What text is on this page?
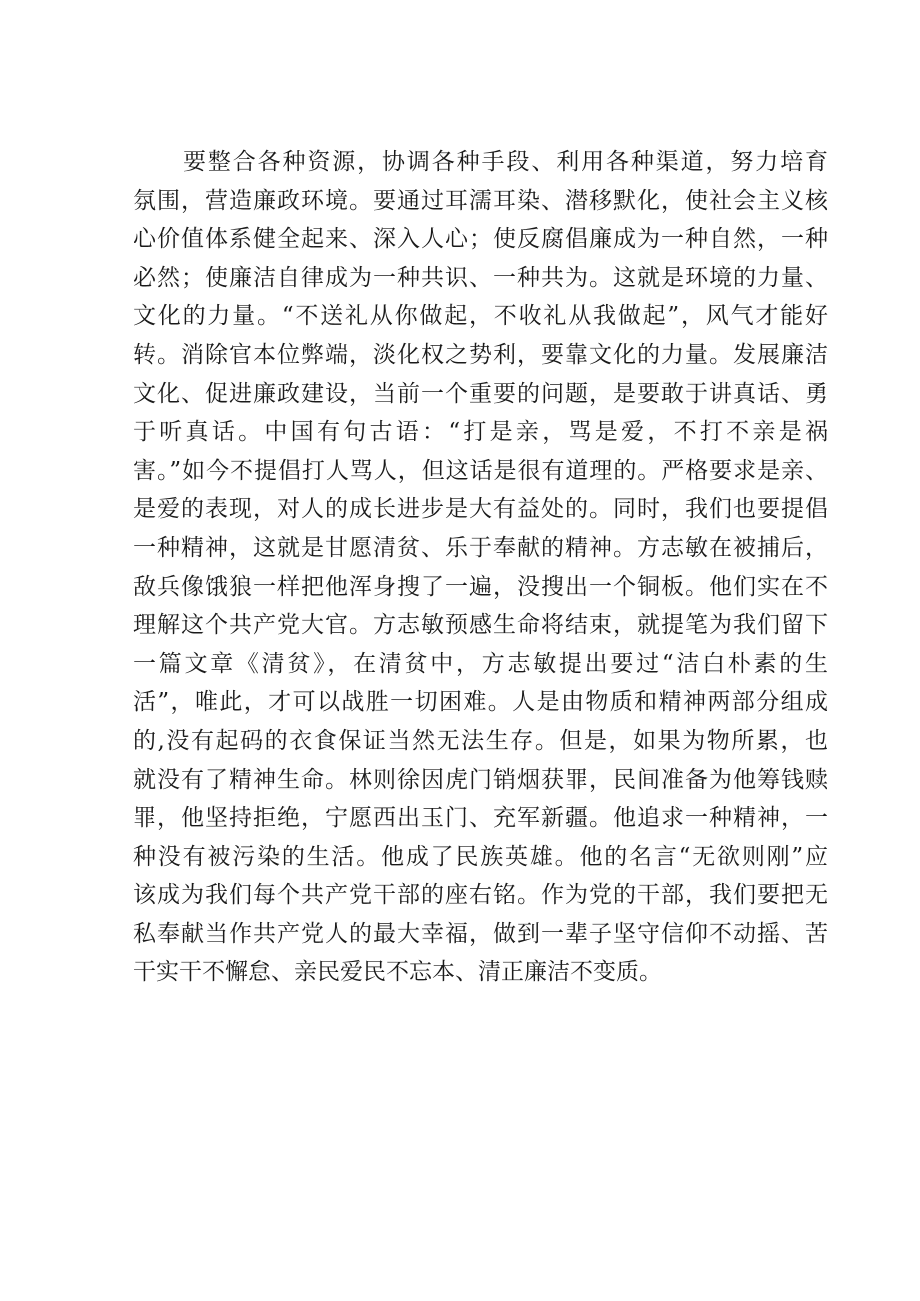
要整合各种资源，协调各种手段、利用各种渠道，努力培育
氛围，营造廉政环境。要通过耳濡耳染、潜移默化，使社会主义核
心价值体系健全起来、深入人心；使反腐倡廉成为一种自然，一种
必然；使廉洁自律成为一种共识、一种共为。这就是环境的力量、
文化的力量。“不送礼从你做起，不收礼从我做起”，风气才能好
转。消除官本位弊端，淡化权之势利，要靠文化的力量。发展廉洁
文化、促进廉政建设，当前一个重要的问题，是要敢于讲真话、勇
于听真话。中国有句古语：“打是亲，骂是爱，不打不亲是祸
害。”如今不提倡打人骂人，但这话是很有道理的。严格要求是亲、
是爱的表现，对人的成长进步是大有益处的。同时，我们也要提倡
一种精神，这就是甘愿清贫、乐于奉献的精神。方志敏在被捕后，
敌兵像饿狼一样把他浑身搜了一遍，没搜出一个铜板。他们实在不
理解这个共产党大官。方志敏预感生命将结束，就提笔为我们留下
一篇文章《清贫》，在清贫中，方志敏提出要过“洁白朴素的生
活”，唯此，才可以战胜一切困难。人是由物质和精神两部分组成
的,没有起码的衣食保证当然无法生存。但是，如果为物所累，也
就没有了精神生命。林则徐因虎门销烟获罪，民间准备为他筹钱赎
罪，他坚持拒绝，宁愿西出玉门、充军新疆。他追求一种精神，一
种没有被污染的生活。他成了民族英雄。他的名言“无欲则刚”应
该成为我们每个共产党干部的座右铭。作为党的干部，我们要把无
私奉献当作共产党人的最大幸福，做到一辈子坚守信仰不动摇、苦
干实干不懈怠、亲民爱民不忘本、清正廉洁不变质。
